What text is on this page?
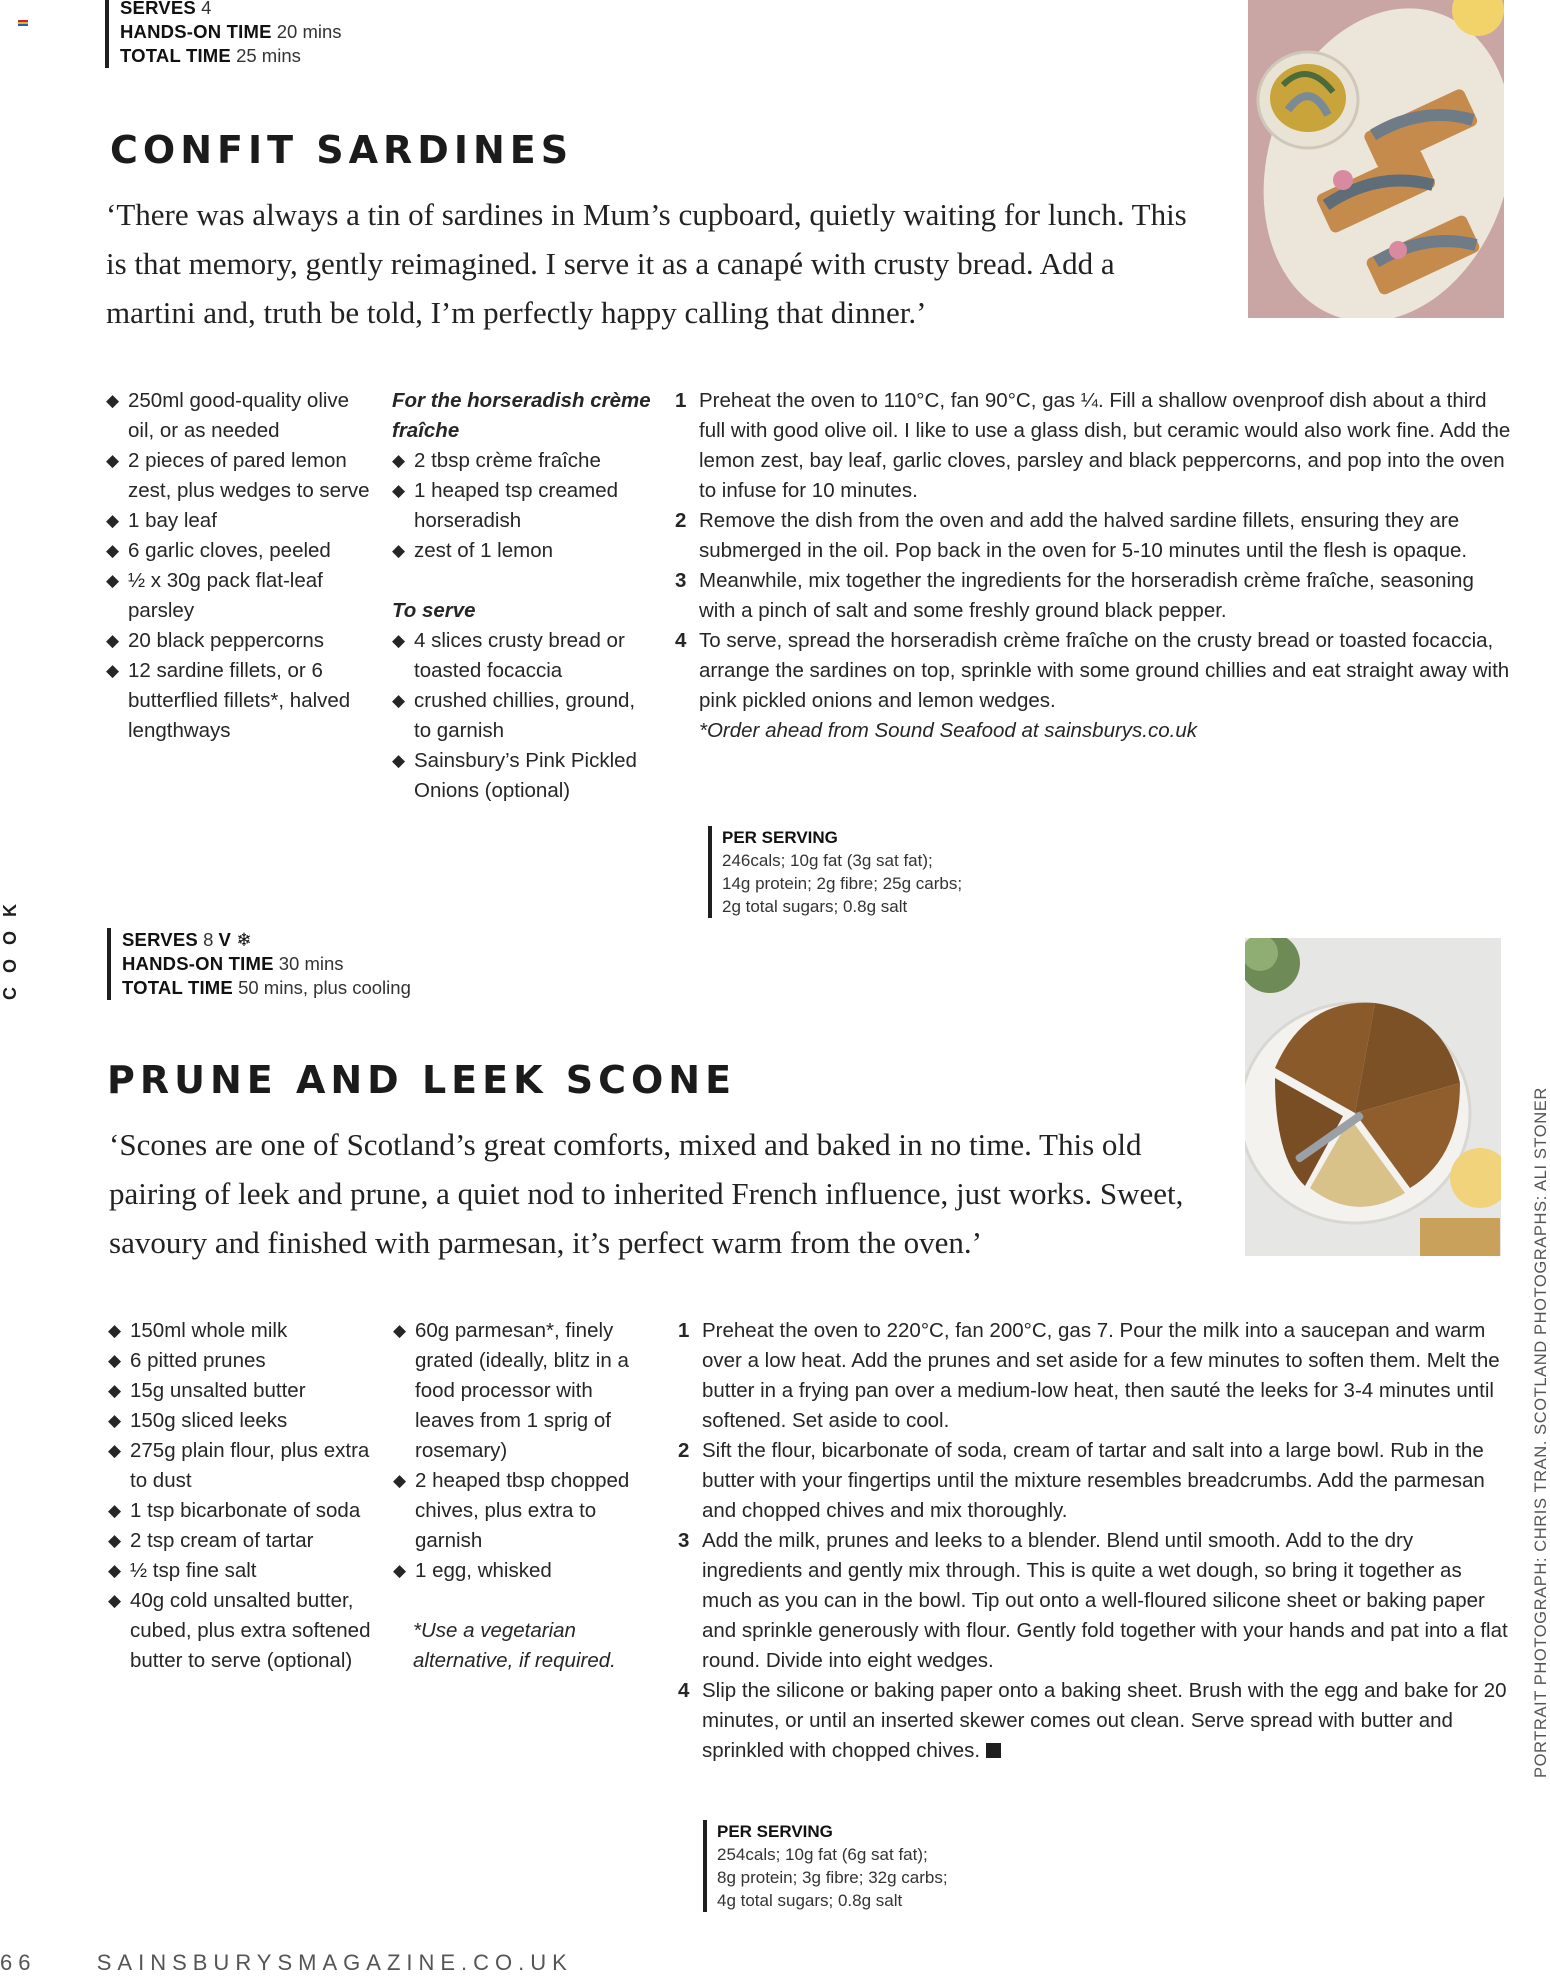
SERVES 4
HANDS-ON TIME 20 mins
TOTAL TIME 25 mins
CONFIT SARDINES
‘There was always a tin of sardines in Mum’s cupboard, quietly waiting for lunch. This is that memory, gently reimagined. I serve it as a canapé with crusty bread. Add a martini and, truth be told, I’m perfectly happy calling that dinner.’
◆ 250ml good-quality olive oil, or as needed
◆ 2 pieces of pared lemon zest, plus wedges to serve
◆ 1 bay leaf
◆ 6 garlic cloves, peeled
◆ ½ x 30g pack flat-leaf parsley
◆ 20 black peppercorns
◆ 12 sardine fillets, or 6 butterflied fillets*, halved lengthways
For the horseradish crème fraîche
◆ 2 tbsp crème fraîche
◆ 1 heaped tsp creamed horseradish
◆ zest of 1 lemon
To serve
◆ 4 slices crusty bread or toasted focaccia
◆ crushed chillies, ground, to garnish
◆ Sainsbury’s Pink Pickled Onions (optional)
1 Preheat the oven to 110°C, fan 90°C, gas ¼. Fill a shallow ovenproof dish about a third full with good olive oil. I like to use a glass dish, but ceramic would also work fine. Add the lemon zest, bay leaf, garlic cloves, parsley and black peppercorns, and pop into the oven to infuse for 10 minutes.
2 Remove the dish from the oven and add the halved sardine fillets, ensuring they are submerged in the oil. Pop back in the oven for 5-10 minutes until the flesh is opaque.
3 Meanwhile, mix together the ingredients for the horseradish crème fraîche, seasoning with a pinch of salt and some freshly ground black pepper.
4 To serve, spread the horseradish crème fraîche on the crusty bread or toasted focaccia, arrange the sardines on top, sprinkle with some ground chillies and eat straight away with pink pickled onions and lemon wedges.
*Order ahead from Sound Seafood at sainsburys.co.uk
PER SERVING
246cals; 10g fat (3g sat fat);
14g protein; 2g fibre; 25g carbs;
2g total sugars; 0.8g salt
COOK	SERVES 8 V ❄
HANDS-ON TIME 30 mins
TOTAL TIME 50 mins, plus cooling
PRUNE AND LEEK SCONE
‘Scones are one of Scotland’s great comforts, mixed and baked in no time. This old pairing of leek and prune, a quiet nod to inherited French influence, just works. Sweet, savoury and finished with parmesan, it’s perfect warm from the oven.’
◆ 150ml whole milk
◆ 6 pitted prunes
◆ 15g unsalted butter
◆ 150g sliced leeks
◆ 275g plain flour, plus extra to dust
◆ 1 tsp bicarbonate of soda
◆ 2 tsp cream of tartar
◆ ½ tsp fine salt
◆ 40g cold unsalted butter, cubed, plus extra softened butter to serve (optional)
◆ 60g parmesan*, finely grated (ideally, blitz in a food processor with leaves from 1 sprig of rosemary)
◆ 2 heaped tbsp chopped chives, plus extra to garnish
◆ 1 egg, whisked
*Use a vegetarian alternative, if required.
1 Preheat the oven to 220°C, fan 200°C, gas 7. Pour the milk into a saucepan and warm over a low heat. Add the prunes and set aside for a few minutes to soften them. Melt the butter in a frying pan over a medium-low heat, then sauté the leeks for 3-4 minutes until softened. Set aside to cool.
2 Sift the flour, bicarbonate of soda, cream of tartar and salt into a large bowl. Rub in the butter with your fingertips until the mixture resembles breadcrumbs. Add the parmesan and chopped chives and mix thoroughly.
3 Add the milk, prunes and leeks to a blender. Blend until smooth. Add to the dry ingredients and gently mix through. This is quite a wet dough, so bring it together as much as you can in the bowl. Tip out onto a well-floured silicone sheet or baking paper and sprinkle generously with flour. Gently fold together with your hands and pat into a flat round. Divide into eight wedges.
4 Slip the silicone or baking paper onto a baking sheet. Brush with the egg and bake for 20 minutes, or until an inserted skewer comes out clean. Serve spread with butter and sprinkled with chopped chives.
PER SERVING
254cals; 10g fat (6g sat fat);
8g protein; 3g fibre; 32g carbs;
4g total sugars; 0.8g salt
PORTRAIT PHOTOGRAPH: CHRIS TRAN. SCOTLAND PHOTOGRAPHS: ALI STONER
66	SAINSBURYSMAGAZINE.CO.UK
